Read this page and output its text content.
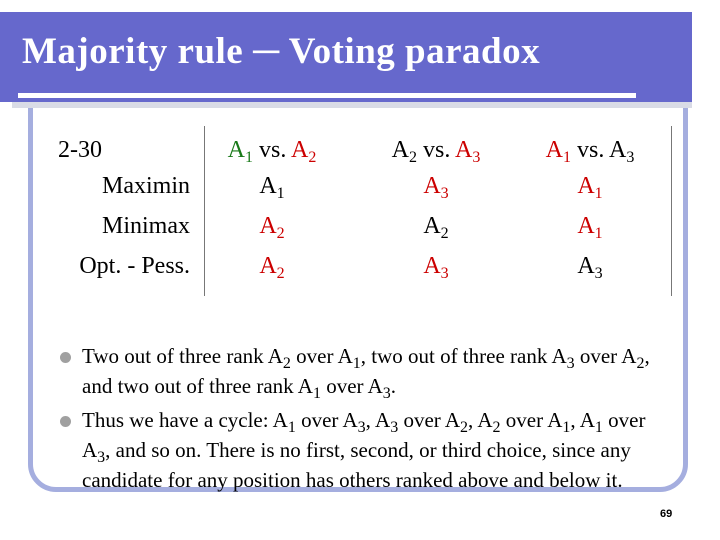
Majority rule ─ Voting paradox
2-30	$A_1$ vs. $A_2$	$A_2$ vs. $A_3$	$A_1$ vs. $A_3$
Maximin	$A_1$	$A_3$	$A_1$
Minimax	$A_2$	$A_2$	$A_1$
Opt. - Pess.	$A_2$	$A_3$	$A_3$
Two out of three rank $A_2$ over $A_1$, two out of three rank $A_3$ over $A_2$, and two out of three rank $A_1$ over $A_3$.
Thus we have a cycle: $A_1$ over $A_3$, $A_3$ over $A_2$, $A_2$ over $A_1$, $A_1$ over $A_3$, and so on. There is no first, second, or third choice, since any candidate for any position has others ranked above and below it.
69
